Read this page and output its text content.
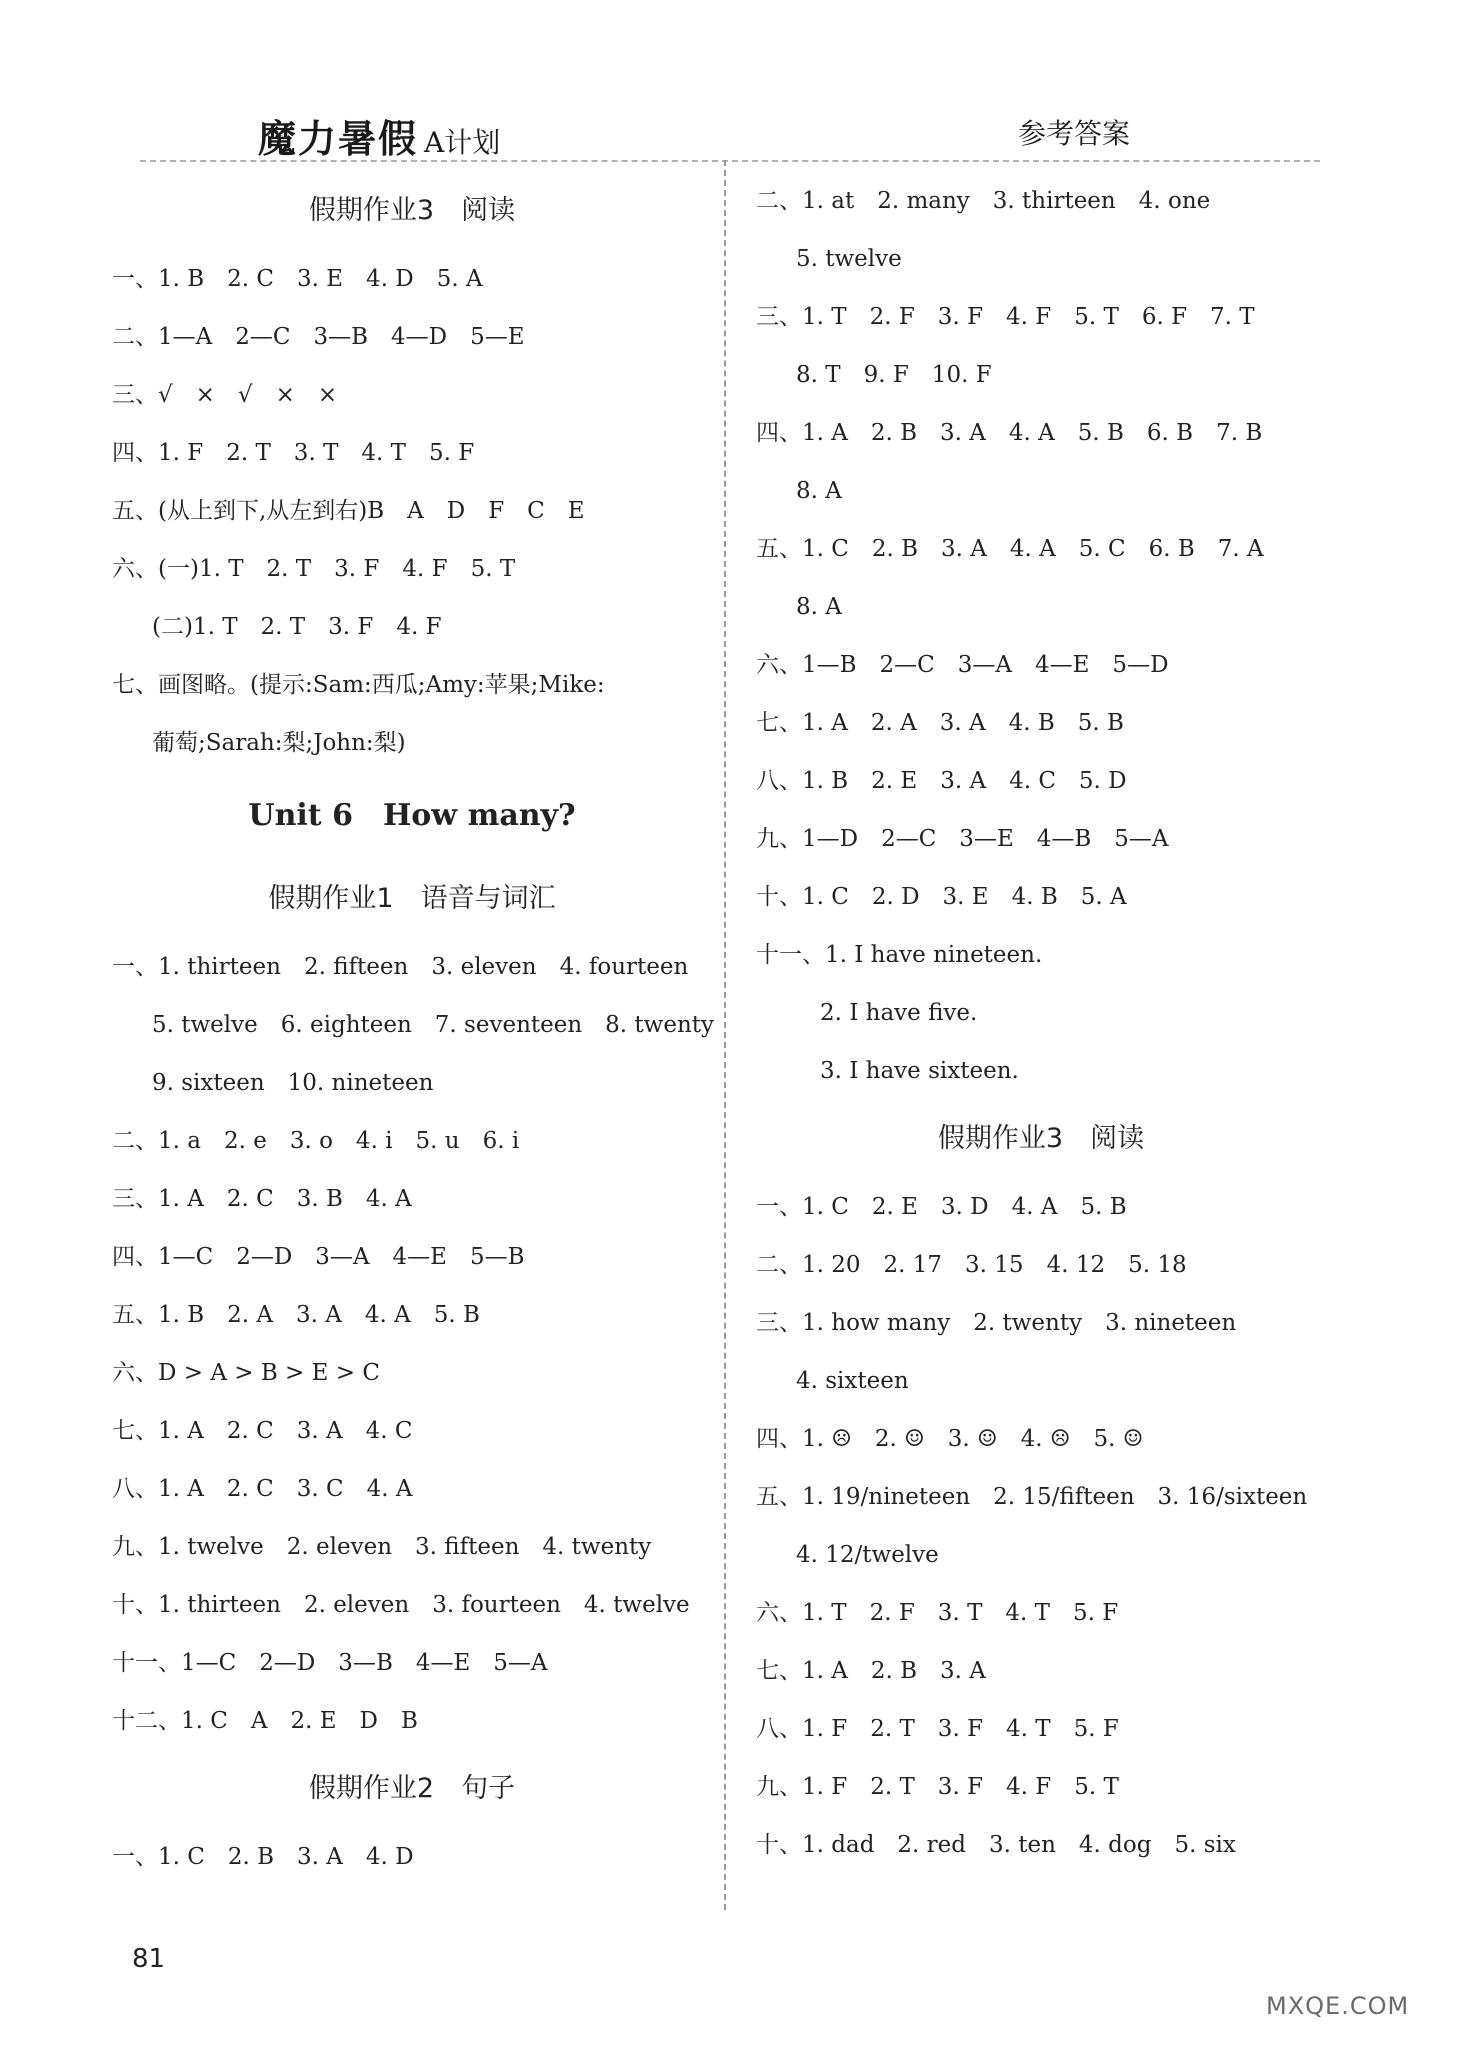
魔力暑假 A计划	参考答案
假期作业3　阅读
一、1. B　2. C　3. E　4. D　5. A
二、1—A　2—C　3—B　4—D　5—E
三、√　×　√　×　×
四、1. F　2. T　3. T　4. T　5. F
五、(从上到下,从左到右)B　A　D　F　C　E
六、(一)1. T　2. T　3. F　4. F　5. T
(二)1. T　2. T　3. F　4. F
七、画图略。(提示:Sam:西瓜;Amy:苹果;Mike:
葡萄;Sarah:梨;John:梨)
Unit 6　How many?
假期作业1　语音与词汇
一、1. thirteen　2. fifteen　3. eleven　4. fourteen
5. twelve　6. eighteen　7. seventeen　8. twenty
9. sixteen　10. nineteen
二、1. a　2. e　3. o　4. i　5. u　6. i
三、1. A　2. C　3. B　4. A
四、1—C　2—D　3—A　4—E　5—B
五、1. B　2. A　3. A　4. A　5. B
六、D > A > B > E > C
七、1. A　2. C　3. A　4. C
八、1. A　2. C　3. C　4. A
九、1. twelve　2. eleven　3. fifteen　4. twenty
十、1. thirteen　2. eleven　3. fourteen　4. twelve
十一、1—C　2—D　3—B　4—E　5—A
十二、1. C　A　2. E　D　B
假期作业2　句子
一、1. C　2. B　3. A　4. D
二、1. at　2. many　3. thirteen　4. one
5. twelve
三、1. T　2. F　3. F　4. F　5. T　6. F　7. T
8. T　9. F　10. F
四、1. A　2. B　3. A　4. A　5. B　6. B　7. B
8. A
五、1. C　2. B　3. A　4. A　5. C　6. B　7. A
8. A
六、1—B　2—C　3—A　4—E　5—D
七、1. A　2. A　3. A　4. B　5. B
八、1. B　2. E　3. A　4. C　5. D
九、1—D　2—C　3—E　4—B　5—A
十、1. C　2. D　3. E　4. B　5. A
十一、1. I have nineteen.
2. I have five.
3. I have sixteen.
假期作业3　阅读
一、1. C　2. E　3. D　4. A　5. B
二、1. 20　2. 17　3. 15　4. 12　5. 18
三、1. how many　2. twenty　3. nineteen
4. sixteen
四、1. ☹　2. ☺　3. ☺　4. ☹　5. ☺
五、1. 19/nineteen　2. 15/fifteen　3. 16/sixteen
4. 12/twelve
六、1. T　2. F　3. T　4. T　5. F
七、1. A　2. B　3. A
八、1. F　2. T　3. F　4. T　5. F
九、1. F　2. T　3. F　4. F　5. T
十、1. dad　2. red　3. ten　4. dog　5. six
81
MXQE.COM
